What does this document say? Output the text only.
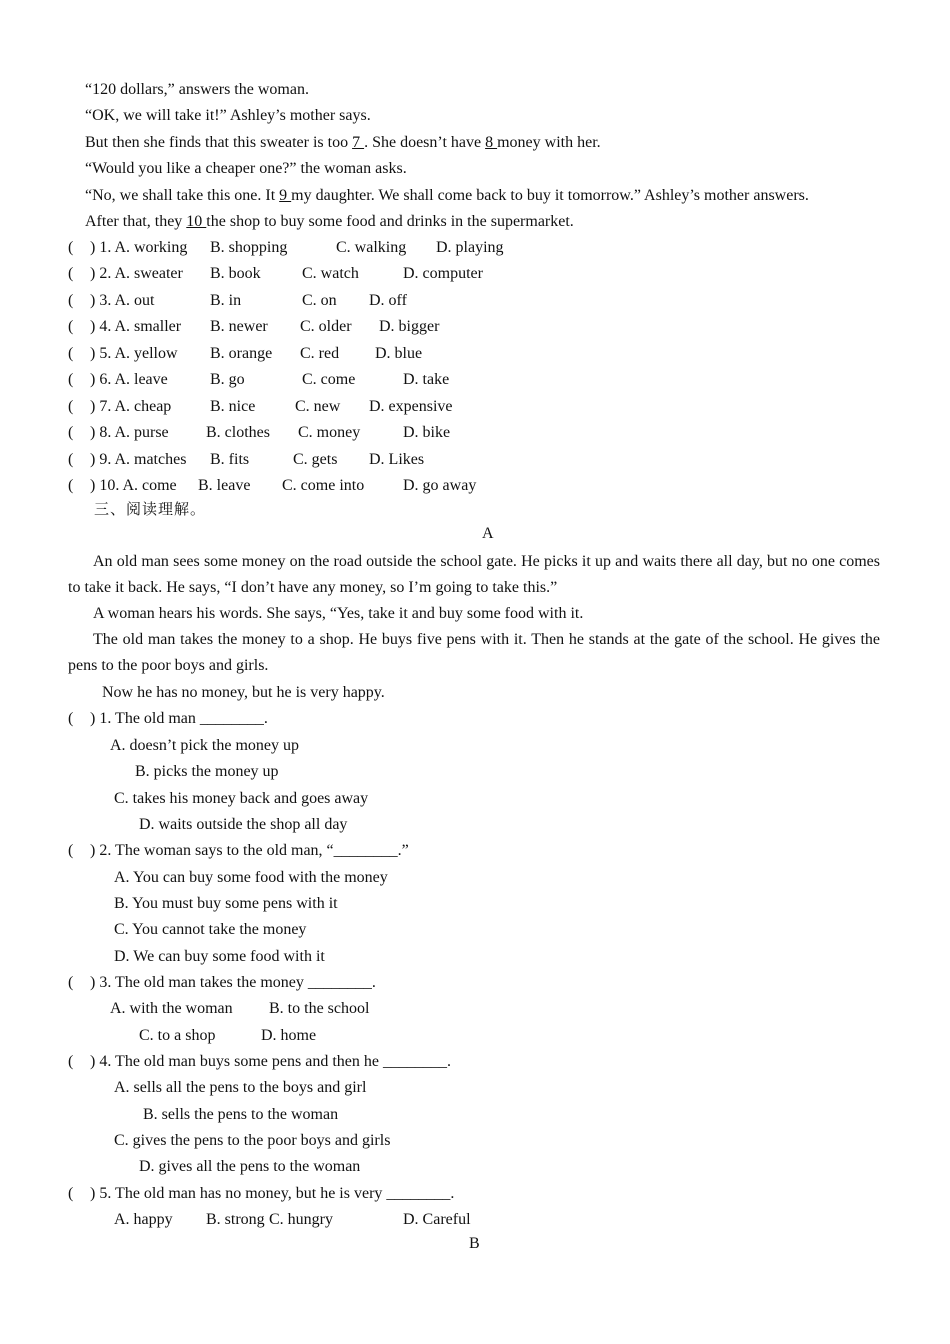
“120 dollars,” answers the woman.
“OK, we will take it!” Ashley’s mother says.
But then she finds that this sweater is too 7 . She doesn’t have 8 money with her.
“Would you like a cheaper one?” the woman asks.
“No, we shall take this one. It 9 my daughter. We shall come back to buy it tomorrow.” Ashley’s mother answers.
After that, they 10 the shop to buy some food and drinks in the supermarket.
( ) 1. A. working B. shopping	C. walking D. playing
( ) 2. A. sweater B. book	C. watch	D. computer
( ) 3. A. out	B. in	C. on D. off
( ) 4. A. smaller B. newer C. older D. bigger
( ) 5. A. yellow B. orange C. red D. blue
( ) 6. A. leave	B. go	C. come	D. take
( ) 7. A. cheap B. nice C. new D. expensive
( ) 8. A. purse B. clothes C. money	D. bike
( ) 9. A. matches B. fits	C. gets D. Likes
( ) 10. A. come B. leave C. come into D. go away
三、阅读理解。
A

An old man sees some money on the road outside the school gate. He picks it up and waits there all day, but no one comes to take it back. He says, “I don’t have any money, so I’m going to take this.”

A woman hears his words. She says, “Yes, take it and buy some food with it.

The old man takes the money to a shop. He buys five pens with it. Then he stands at the gate of the school. He gives the pens to the poor boys and girls.

Now he has no money, but he is very happy.
( ) 1. The old man ________.
A. doesn’t pick the money up
B. picks the money up
C. takes his money back and goes away
D. waits outside the shop all day
( ) 2. The woman says to the old man, “________.”
A. You can buy some food with the money
B. You must buy some pens with it
C. You cannot take the money
D. We can buy some food with it
( ) 3. The old man takes the money ________.
A. with the woman B. to the school
C. to a shop	D. home
( ) 4. The old man buys some pens and then he ________.
A. sells all the pens to the boys and girl
B. sells the pens to the woman
C. gives the pens to the poor boys and girls
D. gives all the pens to the woman
( ) 5. The old man has no money, but he is very ________.
A. happy B. strong C. hungry	D. Careful
B
